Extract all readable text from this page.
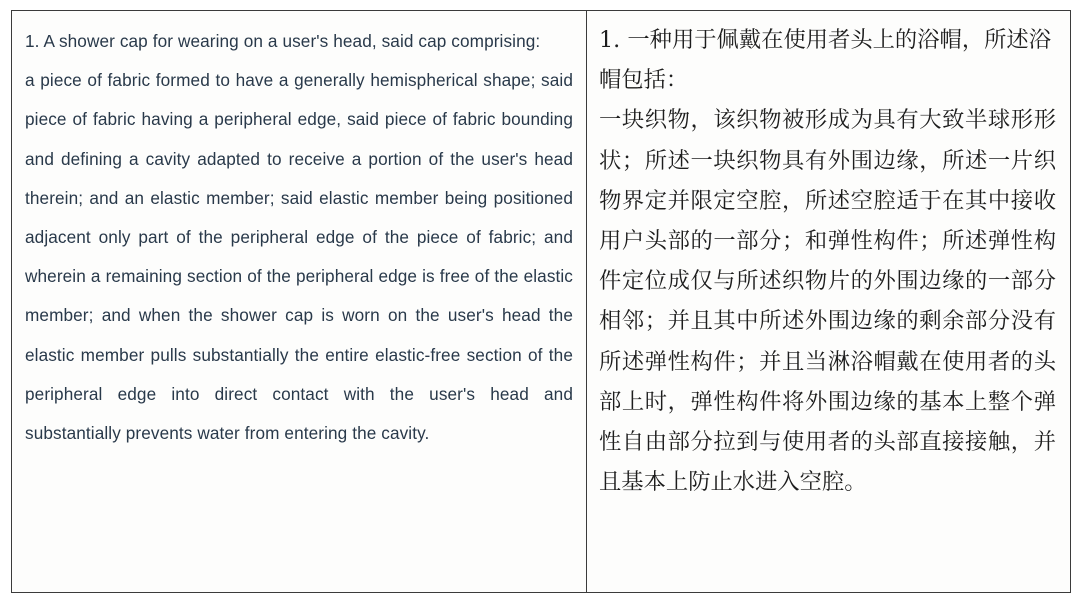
1. A shower cap for wearing on a user's head, said cap comprising:

a piece of fabric formed to have a generally hemispherical shape; said piece of fabric having a peripheral edge, said piece of fabric bounding and defining a cavity adapted to receive a portion of the user's head therein; and an elastic member; said elastic member being positioned adjacent only part of the peripheral edge of the piece of fabric; and wherein a remaining section of the peripheral edge is free of the elastic member; and when the shower cap is worn on the user's head the elastic member pulls substantially the entire elastic-free section of the peripheral edge into direct contact with the user's head and substantially prevents water from entering the cavity.

1. 一种用于佩戴在使用者头上的浴帽，所述浴帽包括：

一块织物，该织物被形成为具有大致半球形形状；所述一块织物具有外围边缘，所述一片织物界定并限定空腔，所述空腔适于在其中接收用户头部的一部分；和弹性构件；所述弹性构件定位成仅与所述织物片的外围边缘的一部分相邻；并且其中所述外围边缘的剩余部分没有所述弹性构件；并且当淋浴帽戴在使用者的头部上时，弹性构件将外围边缘的基本上整个弹性自由部分拉到与使用者的头部直接接触，并且基本上防止水进入空腔。
